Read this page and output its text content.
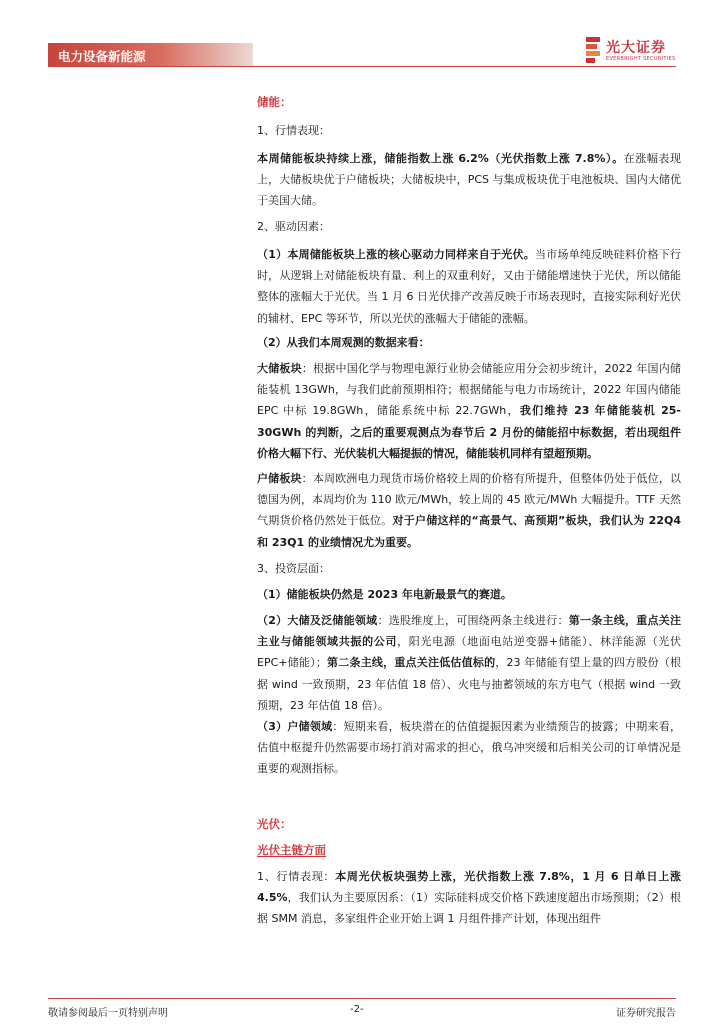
电力设备新能源
光大证券
EVERBRIGHT SECURITIES
储能：
1、行情表现：
本周储能板块持续上涨，储能指数上涨 6.2%（光伏指数上涨 7.8%）。在涨幅表现上，大储板块优于户储板块；大储板块中，PCS 与集成板块优于电池板块、国内大储优于美国大储。
2、驱动因素：
（1）本周储能板块上涨的核心驱动力同样来自于光伏。当市场单纯反映硅料价格下行时，从逻辑上对储能板块有量、利上的双重利好，又由于储能增速快于光伏，所以储能整体的涨幅大于光伏。当 1 月 6 日光伏排产改善反映于市场表现时，直接实际利好光伏的辅材、EPC 等环节，所以光伏的涨幅大于储能的涨幅。
（2）从我们本周观测的数据来看：
大储板块：根据中国化学与物理电源行业协会储能应用分会初步统计，2022 年国内储能装机 13GWh，与我们此前预期相符；根据储能与电力市场统计，2022 年国内储能 EPC 中标 19.8GWh，储能系统中标 22.7GWh，我们维持 23 年储能装机 25-30GWh 的判断，之后的重要观测点为春节后 2 月份的储能招中标数据，若出现组件价格大幅下行、光伏装机大幅提振的情况，储能装机同样有望超预期。
户储板块：本周欧洲电力现货市场价格较上周的价格有所提升，但整体仍处于低位，以德国为例，本周均价为 110 欧元/MWh，较上周的 45 欧元/MWh 大幅提升。TTF 天然气期货价格仍然处于低位。对于户储这样的“高景气、高预期”板块，我们认为 22Q4 和 23Q1 的业绩情况尤为重要。
3、投资层面：
（1）储能板块仍然是 2023 年电新最景气的赛道。
（2）大储及泛储能领域：选股维度上，可围绕两条主线进行：第一条主线，重点关注主业与储能领域共振的公司，阳光电源（地面电站逆变器+储能）、林洋能源（光伏 EPC+储能）；第二条主线，重点关注低估值标的，23 年储能有望上量的四方股份（根据 wind 一致预期，23 年估值 18 倍）、火电与抽蓄领域的东方电气（根据 wind 一致预期，23 年估值 18 倍）。
（3）户储领域：短期来看，板块潜在的估值提振因素为业绩预告的披露；中期来看，估值中枢提升仍然需要市场打消对需求的担心，俄乌冲突缓和后相关公司的订单情况是重要的观测指标。
光伏：
光伏主链方面
1、行情表现：本周光伏板块强势上涨，光伏指数上涨 7.8%，1 月 6 日单日上涨 4.5%，我们认为主要原因系：（1）实际硅料成交价格下跌速度超出市场预期；（2）根据 SMM 消息，多家组件企业开始上调 1 月组件排产计划，体现出组件
敬请参阅最后一页特别声明	-2-	证券研究报告
